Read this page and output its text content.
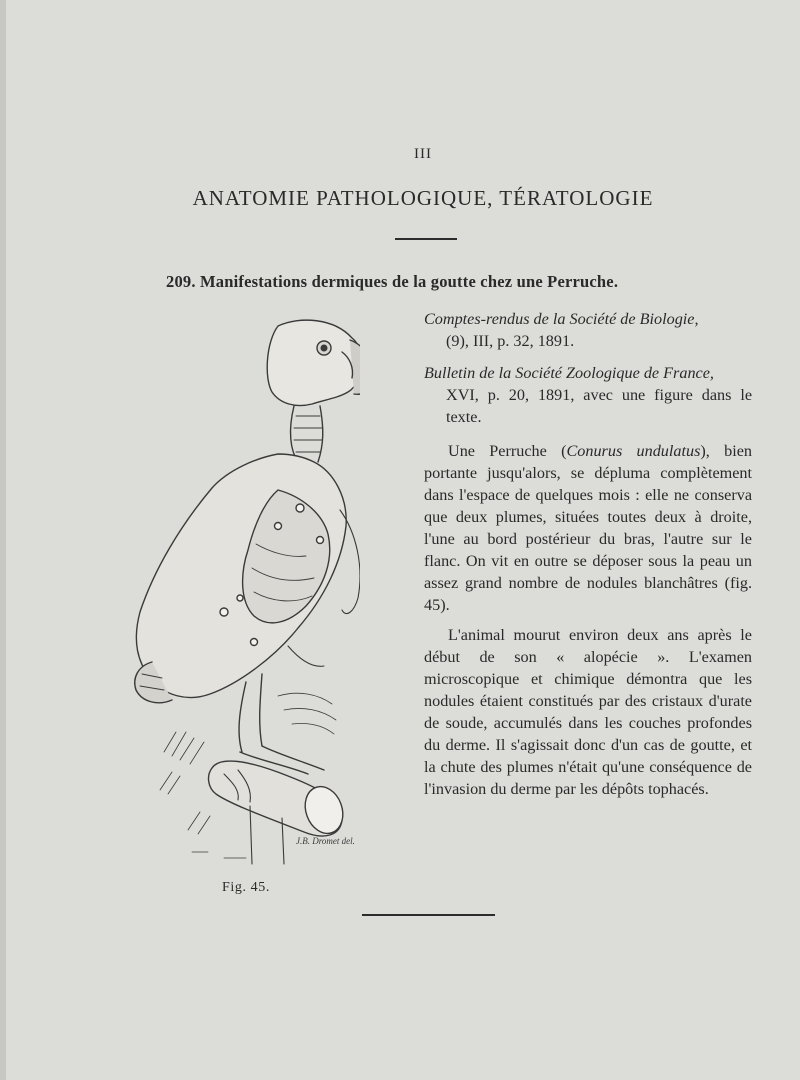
III
ANATOMIE PATHOLOGIQUE, TÉRATOLOGIE
209. Manifestations dermiques de la goutte chez une Perruche.
J.B. Dromet del.
Fig. 45.
Comptes-rendus de la Société de Biologie,
(9), III, p. 32, 1891.
Bulletin de la Société Zoologique de France,
XVI, p. 20, 1891, avec une figure dans le texte.

Une Perruche (Conurus undulatus), bien portante jusqu'alors, se dépluma complètement dans l'espace de quelques mois : elle ne conserva que deux plumes, situées toutes deux à droite, l'une au bord postérieur du bras, l'autre sur le flanc. On vit en outre se déposer sous la peau un assez grand nombre de nodules blanchâtres (fig. 45).

L'animal mourut environ deux ans après le début de son « alopécie ». L'examen microscopique et chimique démontra que les nodules étaient constitués par des cristaux d'urate de soude, accumulés dans les couches profondes du derme. Il s'agissait donc d'un cas de goutte, et la chute des plumes n'était qu'une conséquence de l'invasion du derme par les dépôts tophacés.
